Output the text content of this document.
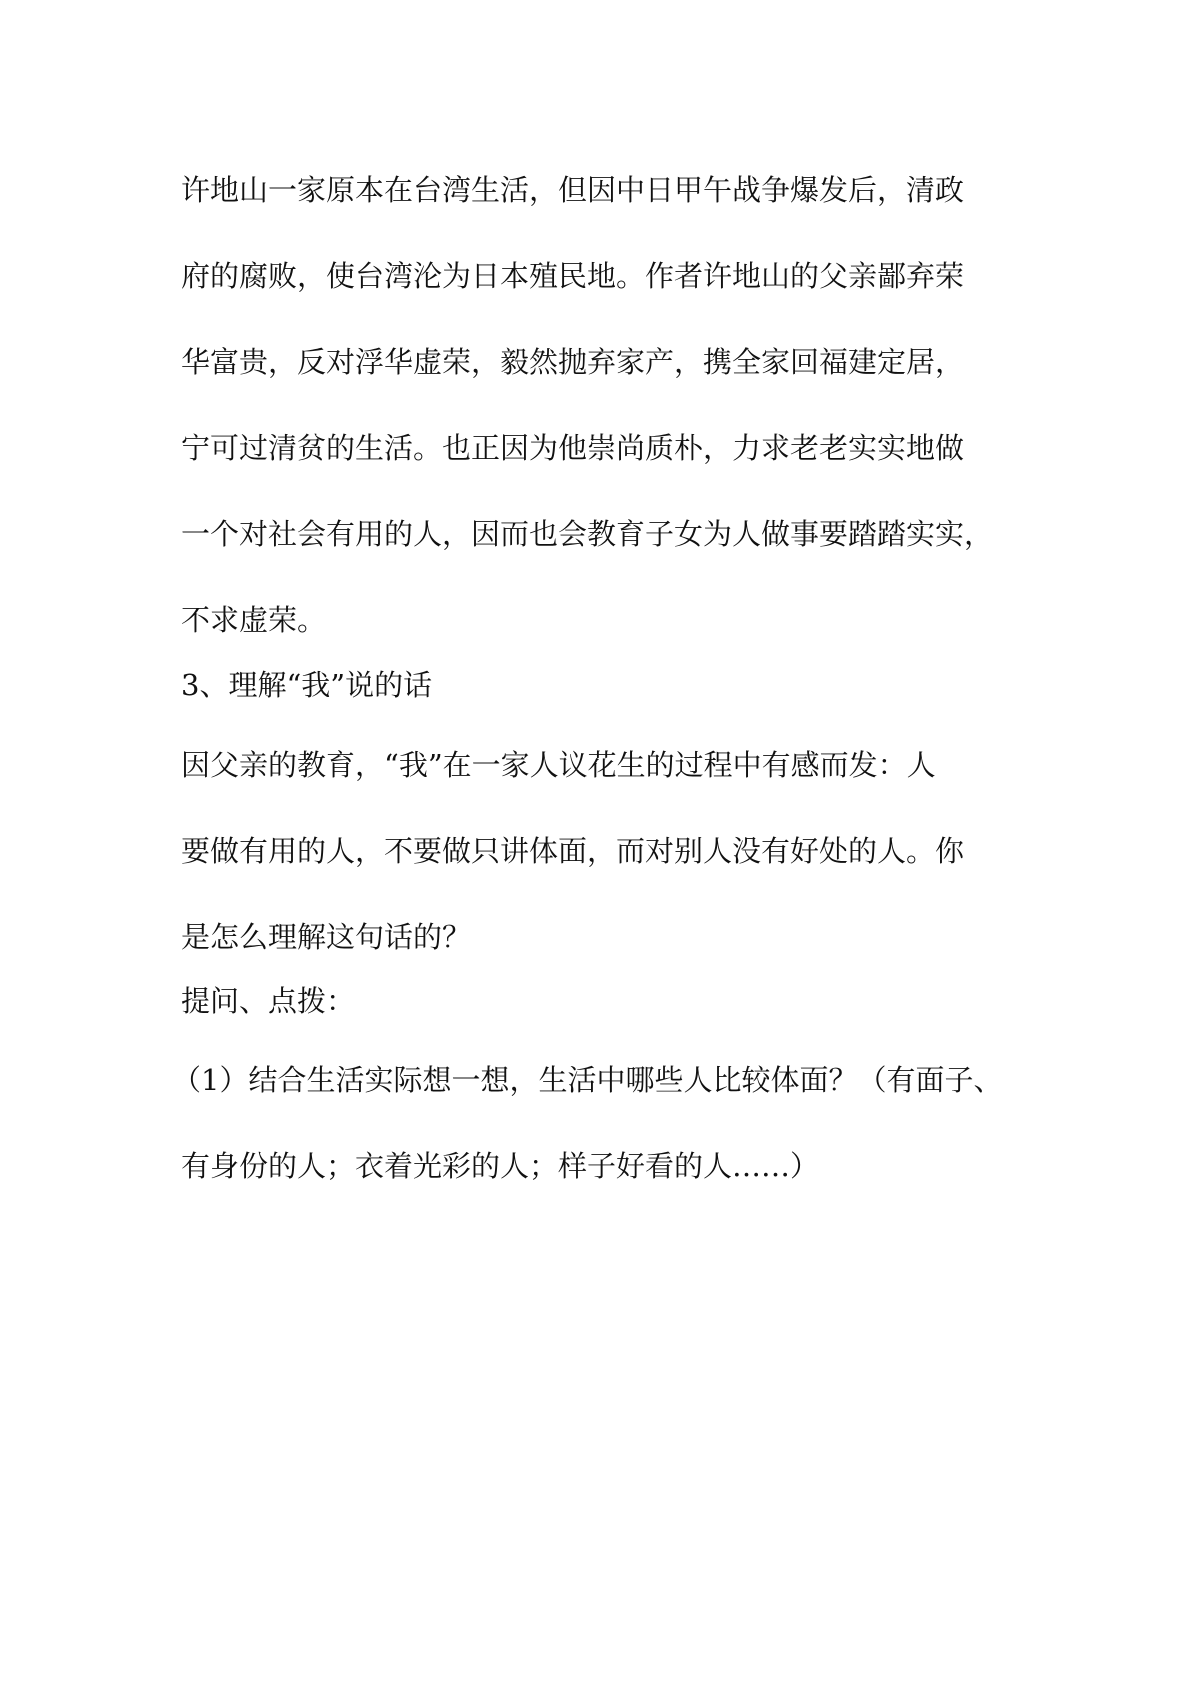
许地山一家原本在台湾生活，但因中日甲午战争爆发后，清政

府的腐败，使台湾沦为日本殖民地。作者许地山的父亲鄙弃荣

华富贵，反对浮华虚荣，毅然抛弃家产，携全家回福建定居，

宁可过清贫的生活。也正因为他崇尚质朴，力求老老实实地做

一个对社会有用的人，因而也会教育子女为人做事要踏踏实实，

不求虚荣。

3、理解“我”说的话

因父亲的教育，“我”在一家人议花生的过程中有感而发：人

要做有用的人，不要做只讲体面，而对别人没有好处的人。你

是怎么理解这句话的？

提问、点拨：

（1）结合生活实际想一想，生活中哪些人比较体面？（有面子、

有身份的人；衣着光彩的人；样子好看的人……）
